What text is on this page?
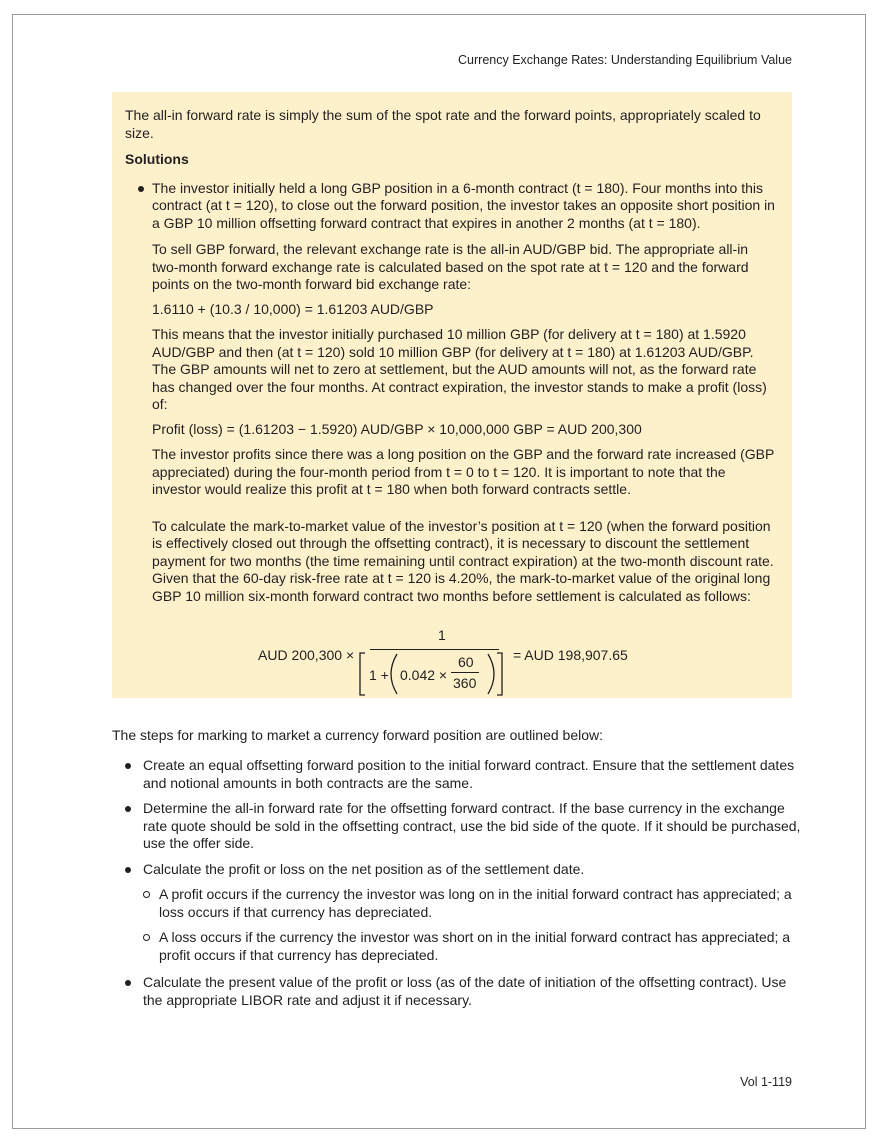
Currency Exchange Rates: Understanding Equilibrium Value

The all-in forward rate is simply the sum of the spot rate and the forward points, appropriately scaled to size.

Solutions

The investor initially held a long GBP position in a 6-month contract (t = 180). Four months into this contract (at t = 120), to close out the forward position, the investor takes an opposite short position in a GBP 10 million offsetting forward contract that expires in another 2 months (at t = 180).

To sell GBP forward, the relevant exchange rate is the all-in AUD/GBP bid. The appropriate all-in two-month forward exchange rate is calculated based on the spot rate at t = 120 and the forward points on the two-month forward bid exchange rate:

1.6110 + (10.3 / 10,000) = 1.61203 AUD/GBP

This means that the investor initially purchased 10 million GBP (for delivery at t = 180) at 1.5920 AUD/GBP and then (at t = 120) sold 10 million GBP (for delivery at t = 180) at 1.61203 AUD/GBP. The GBP amounts will net to zero at settlement, but the AUD amounts will not, as the forward rate has changed over the four months. At contract expiration, the investor stands to make a profit (loss) of:

Profit (loss) = (1.61203 − 1.5920) AUD/GBP × 10,000,000 GBP = AUD 200,300

The investor profits since there was a long position on the GBP and the forward rate increased (GBP appreciated) during the four-month period from t = 0 to t = 120. It is important to note that the investor would realize this profit at t = 180 when both forward contracts settle.

To calculate the mark-to-market value of the investor’s position at t = 120 (when the forward position is effectively closed out through the offsetting contract), it is necessary to discount the settlement payment for two months (the time remaining until contract expiration) at the two-month discount rate. Given that the 60-day risk-free rate at t = 120 is 4.20%, the mark-to-market value of the original long GBP 10 million six-month forward contract two months before settlement is calculated as follows:

AUD 200,300 ×
1
1 + 0.042 ×
60
360
= AUD 198,907.65

The steps for marking to market a currency forward position are outlined below:

Create an equal offsetting forward position to the initial forward contract. Ensure that the settlement dates and notional amounts in both contracts are the same.

Determine the all-in forward rate for the offsetting forward contract. If the base currency in the exchange rate quote should be sold in the offsetting contract, use the bid side of the quote. If it should be purchased, use the offer side.

Calculate the profit or loss on the net position as of the settlement date.

A profit occurs if the currency the investor was long on in the initial forward contract has appreciated; a loss occurs if that currency has depreciated.

A loss occurs if the currency the investor was short on in the initial forward contract has appreciated; a profit occurs if that currency has depreciated.

Calculate the present value of the profit or loss (as of the date of initiation of the offsetting contract). Use the appropriate LIBOR rate and adjust it if necessary.

Vol 1-119
